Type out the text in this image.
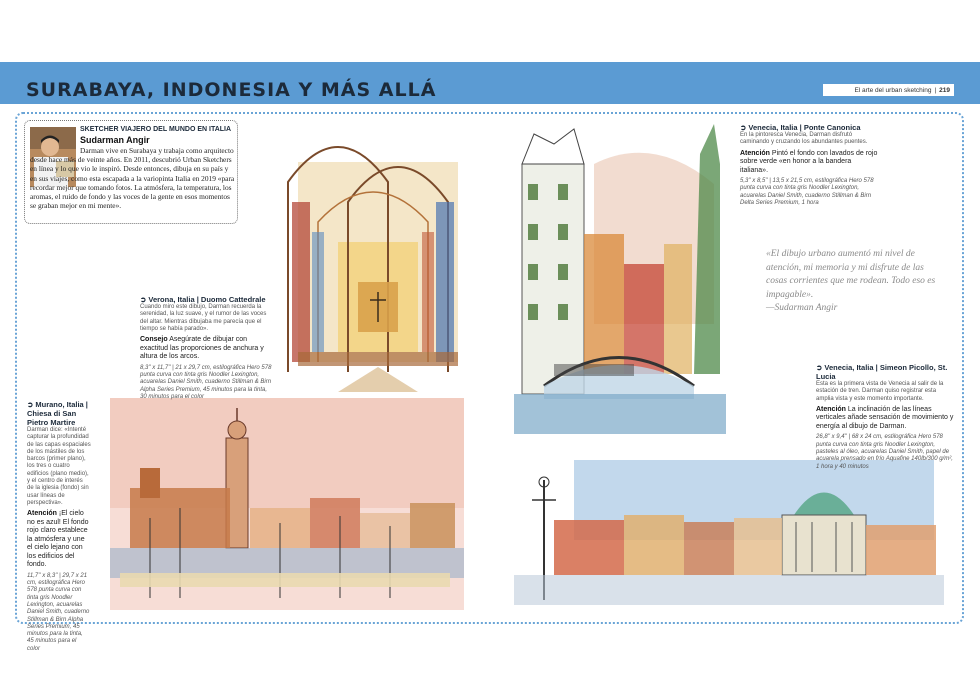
SURABAYA, INDONESIA Y MÁS ALLÁ	El arte del urban sketching | 219
SKETCHER VIAJERO DEL MUNDO EN ITALIA
Sudarman Angir
Darman vive en Surabaya y trabaja como arquitecto desde hace más de veinte años. En 2011, descubrió Urban Sketchers en línea y lo que vio le inspiró. Desde entonces, dibuja en su país y en sus viajes, como esta escapada a la variopinta Italia en 2019 «para recordar mejor que tomando fotos. La atmósfera, la temperatura, los aromas, el ruido de fondo y las voces de la gente en esos momentos se graban mejor en mi mente».
➲ Verona, Italia | Duomo Cattedrale
Cuando miro este dibujo, Darman recuerda la serenidad, la luz suave, y el rumor de las voces del altar. Mientras dibujaba me parecía que el tiempo se había parado».
Consejo Asegúrate de dibujar con exactitud las proporciones de anchura y altura de los arcos.
8,3'' x 11,7'' | 21 x 29,7 cm, estilográfica Hero 578 punta curva con tinta gris Noodler Lexington, acuarelas Daniel Smith, cuaderno Stillman & Birn Alpha Series Premium, 45 minutos para la tinta, 30 minutos para el color
➲ Venecia, Italia | Ponte Canonica
En la pintoresca Venecia, Darman disfrutó caminando y cruzando los abundantes puentes.
Atención Pintó el fondo con lavados de rojo sobre verde «en honor a la bandera italiana».
5,3'' x 8,5'' | 13,5 x 21,5 cm, estilográfica Hero 578 punta curva con tinta gris Noodler Lexington, acuarelas Daniel Smith, cuaderno Stillman & Birn Delta Series Premium, 1 hora
➲ Murano, Italia | Chiesa di San Pietro Martire
Darman dice: «Intenté capturar la profundidad de las capas espaciales de los mástiles de los barcos (primer plano), los tres o cuatro edificios (plano medio), y el centro de interés de la iglesia (fondo) sin usar líneas de perspectiva».
Atención ¡El cielo no es azul! El fondo rojo claro establece la atmósfera y une el cielo lejano con los edificios del fondo.
11,7'' x 8,3'' | 29,7 x 21 cm, estilográfica Hero 578 punta curva con tinta gris Noodler Lexington, acuarelas Daniel Smith, cuaderno Stillman & Birn Alpha Series Premium, 45 minutos para la tinta, 45 minutos para el color
➲ Venecia, Italia | Simeon Picollo, St. Lucia
Esta es la primera vista de Venecia al salir de la estación de tren. Darman quiso registrar esta amplia vista y este momento importante.
Atención La inclinación de las líneas verticales añade sensación de movimiento y energía al dibujo de Darman.
26,8'' x 9,4'' | 68 x 24 cm, estilográfica Hero 578 punta curva con tinta gris Noodler Lexington, pasteles al óleo, acuarelas Daniel Smith, papel de acuarela prensado en frío Aquafine 140lb/300 g/m², 1 hora y 40 minutos
«El dibujo urbano aumentó mi nivel de atención, mi memoria y mi disfrute de las cosas corrientes que me rodean. Todo eso es impagable».
—Sudarman Angir
